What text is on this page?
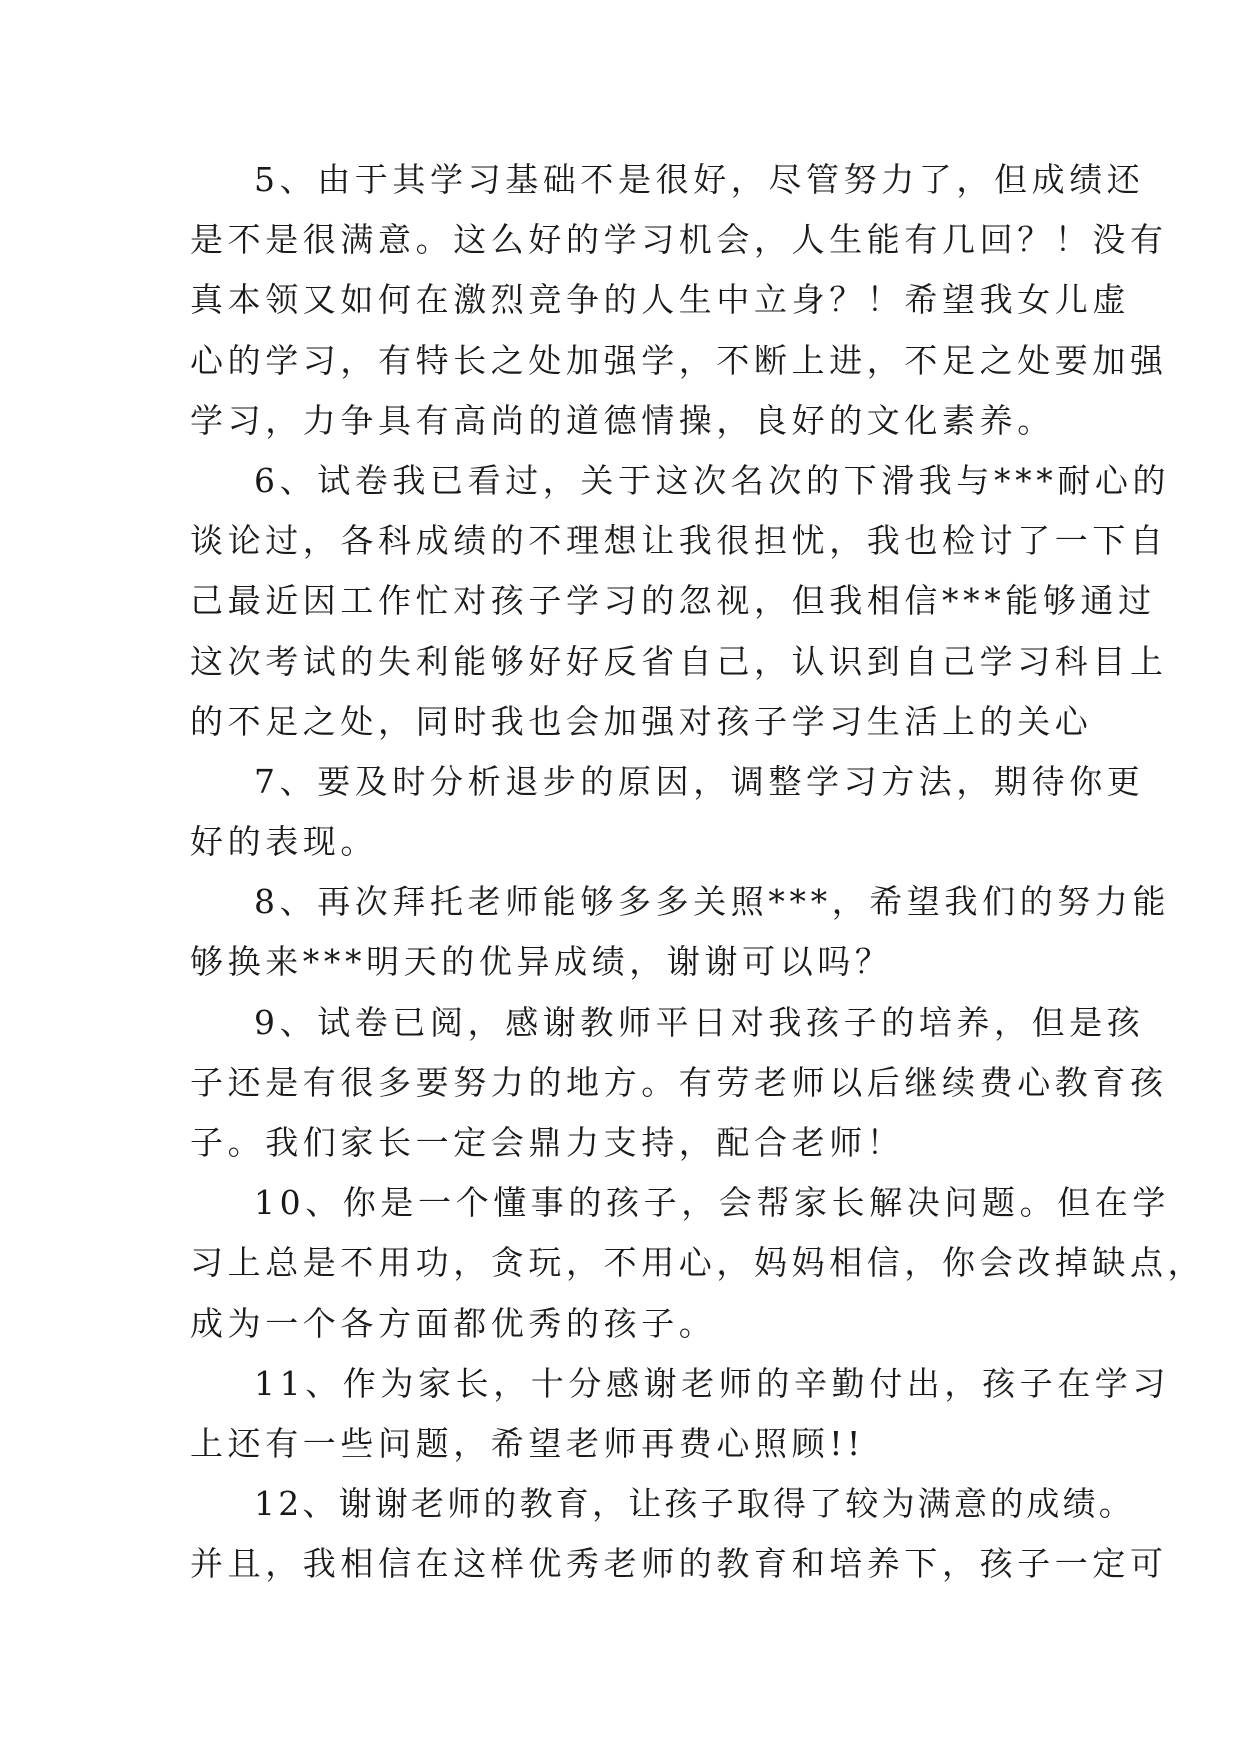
5、由于其学习基础不是很好，尽管努力了，但成绩还
是不是很满意。这么好的学习机会，人生能有几回？！没有
真本领又如何在激烈竞争的人生中立身？！希望我女儿虚
心的学习，有特长之处加强学，不断上进，不足之处要加强
学习，力争具有高尚的道德情操，良好的文化素养。
6、试卷我已看过，关于这次名次的下滑我与***耐心的
谈论过，各科成绩的不理想让我很担忧，我也检讨了一下自
己最近因工作忙对孩子学习的忽视，但我相信***能够通过
这次考试的失利能够好好反省自己，认识到自己学习科目上
的不足之处，同时我也会加强对孩子学习生活上的关心
7、要及时分析退步的原因，调整学习方法，期待你更
好的表现。
8、再次拜托老师能够多多关照***，希望我们的努力能
够换来***明天的优异成绩，谢谢可以吗？
9、试卷已阅，感谢教师平日对我孩子的培养，但是孩
子还是有很多要努力的地方。有劳老师以后继续费心教育孩
子。我们家长一定会鼎力支持，配合老师！
10、你是一个懂事的孩子，会帮家长解决问题。但在学
习上总是不用功，贪玩，不用心，妈妈相信，你会改掉缺点，
成为一个各方面都优秀的孩子。
11、作为家长，十分感谢老师的辛勤付出，孩子在学习
上还有一些问题，希望老师再费心照顾!!
12、谢谢老师的教育，让孩子取得了较为满意的成绩。
并且，我相信在这样优秀老师的教育和培养下，孩子一定可
